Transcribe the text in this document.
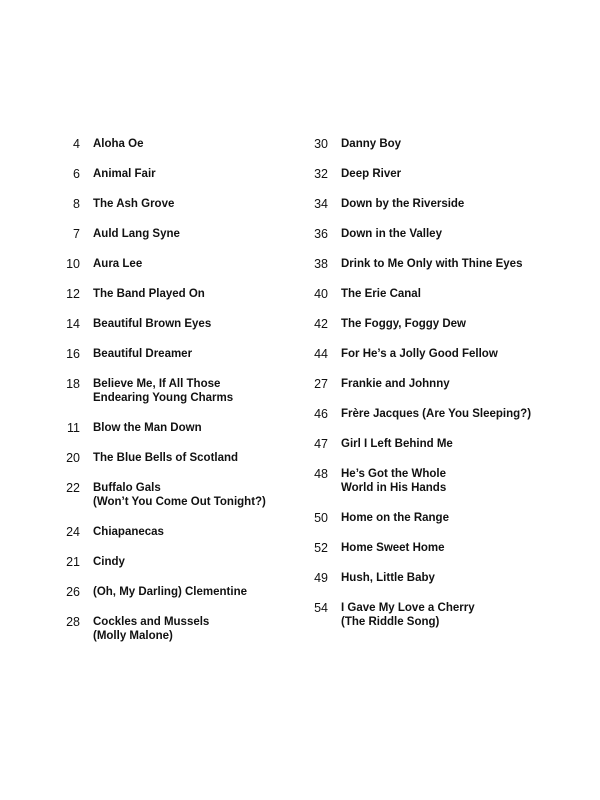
4 Aloha Oe
6 Animal Fair
8 The Ash Grove
7 Auld Lang Syne
10 Aura Lee
12 The Band Played On
14 Beautiful Brown Eyes
16 Beautiful Dreamer
18 Believe Me, If All Those
Endearing Young Charms
11 Blow the Man Down
20 The Blue Bells of Scotland
22 Buffalo Gals
(Won’t You Come Out Tonight?)
24 Chiapanecas
21 Cindy
26 (Oh, My Darling) Clementine
28 Cockles and Mussels
(Molly Malone)
30 Danny Boy
32 Deep River
34 Down by the Riverside
36 Down in the Valley
38 Drink to Me Only with Thine Eyes
40 The Erie Canal
42 The Foggy, Foggy Dew
44 For He’s a Jolly Good Fellow
27 Frankie and Johnny
46 Frère Jacques (Are You Sleeping?)
47 Girl I Left Behind Me
48 He’s Got the Whole
World in His Hands
50 Home on the Range
52 Home Sweet Home
49 Hush, Little Baby
54 I Gave My Love a Cherry
(The Riddle Song)
